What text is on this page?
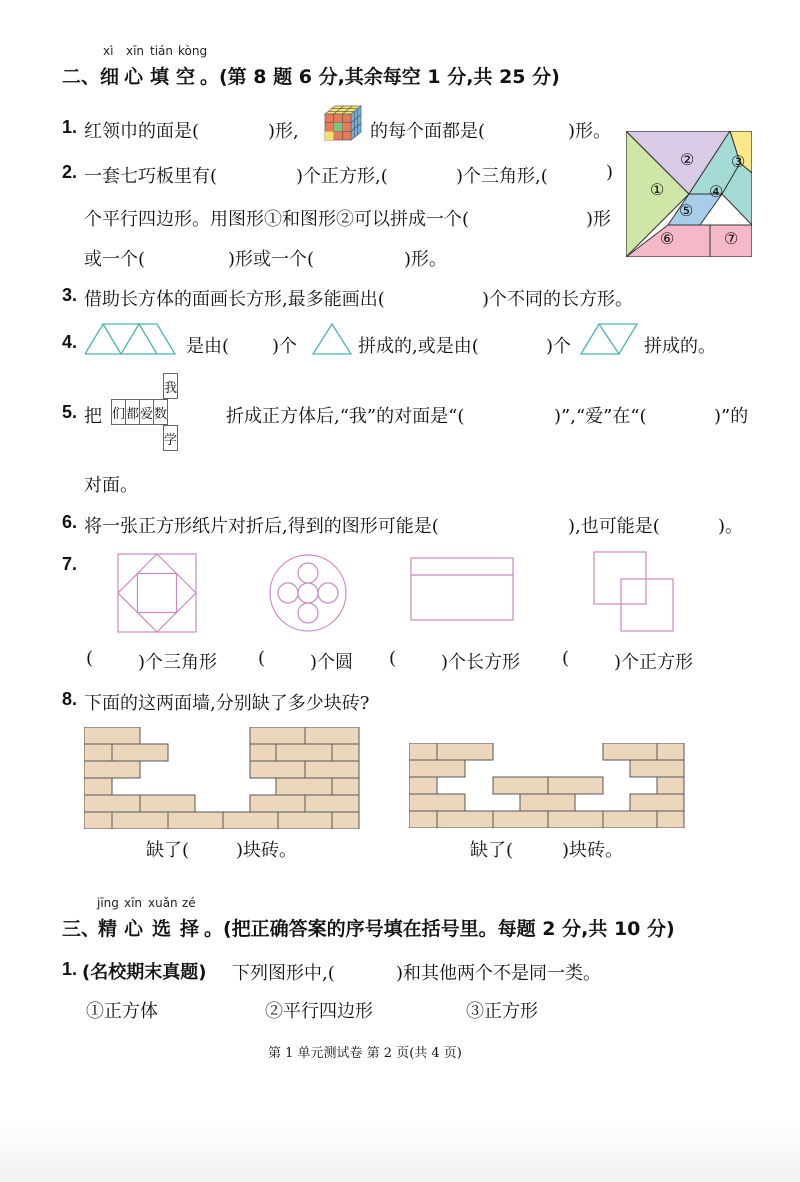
xì xīn tián kòng
二、 细 心 填 空 。(第 8 题 6 分,其余每空 1 分,共 25 分)
1. 红领巾的面是(	)形,	的每个面都是(	)形。
①
② ③
④
⑤
⑥	⑦
2. 一套七巧板里有(	)个正方形,(	)个三角形,(	)
个平行四边形。用图形①和图形②可以拼成一个(	)形
或一个(	)形或一个(	)形。
3. 借助长方体的面画长方形,最多能画出(	)个不同的长方形。
4.	是由( )个	拼成的,或是由(	)个	拼成的。
5. 把
我
们	都	爱	数
学
折成正方体后,“我”的对面是“(	)”,“爱”在“(	)”的
对面。
6. 将一张正方形纸片对折后,得到的图形可能是(	),也可能是(	)。
7.
( )个三角形 ( )个圆 ( )个长方形 ( )个正方形
8. 下面的这两面墙,分别缺了多少块砖?
缺了(	)块砖。	缺了(	)块砖。
jīng xīn xuǎn zé
三、
精 心 选 择 。(把正确答案的序号填在括号里。每题 2 分,共 10 分)
1. (名校期末真题) 下列图形中,(	)和其他两个不是同一类。
①正方体	②平行四边形	③正方形
第 1 单元测试卷 第 2 页(共 4 页)
